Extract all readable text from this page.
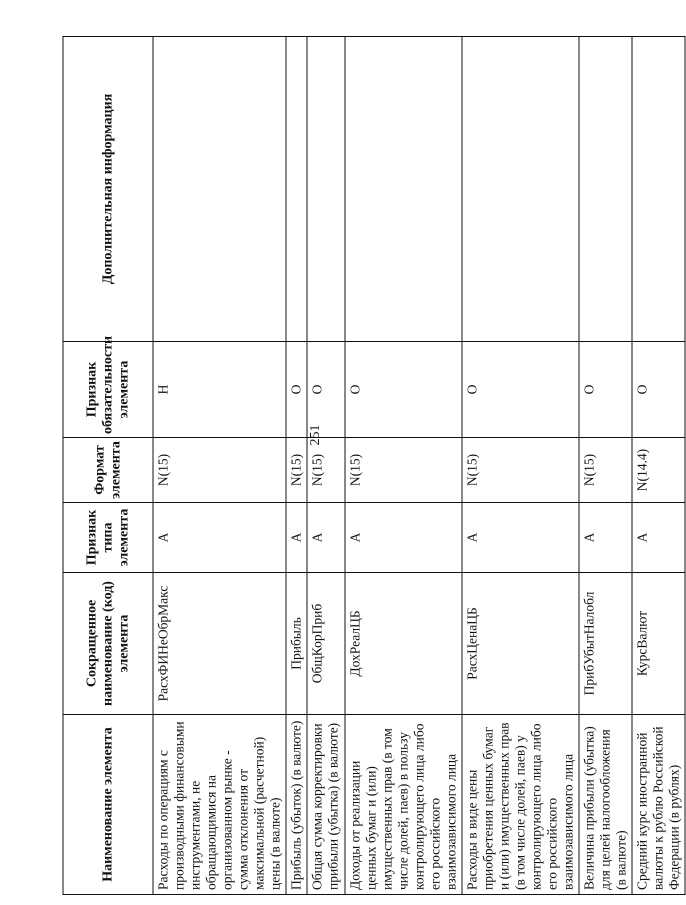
251
Наименование элемента	Сокращенное наименование (код) элемента	Признак типа элемента	Формат элемента	Признак обязательности элемента	Дополнительная информация
Расходы по операциям с производными финансовыми инструментами, не обращающимися на организованном рынке - сумма отклонения от максимальной (расчетной) цены (в валюте)	РасхФИНеОбрМакс	А	N(15)	Н	
Прибыль (убыток) (в валюте)	Прибыль	А	N(15)	О	
Общая сумма корректировки прибыли (убытка) (в валюте)	ОбщКорПриб	А	N(15)	О	
Доходы от реализации ценных бумаг и (или) имущественных прав (в том числе долей, паев) в пользу контролирующего лица либо его российского взаимозависимого лица	ДохРеалЦБ	А	N(15)	О	
Расходы в виде цены приобретения ценных бумаг и (или) имущественных прав (в том числе долей, паев) у контролирующего лица либо его российского взаимозависимого лица	РасхЦенаЦБ	А	N(15)	О	
Величина прибыли (убытка) для целей налогообложения (в валюте)	ПрибУбытНалобл	А	N(15)	О	
Средний курс иностранной валюты к рублю Российской Федерации (в рублях)	КурсВалют	А	N(14.4)	О	
